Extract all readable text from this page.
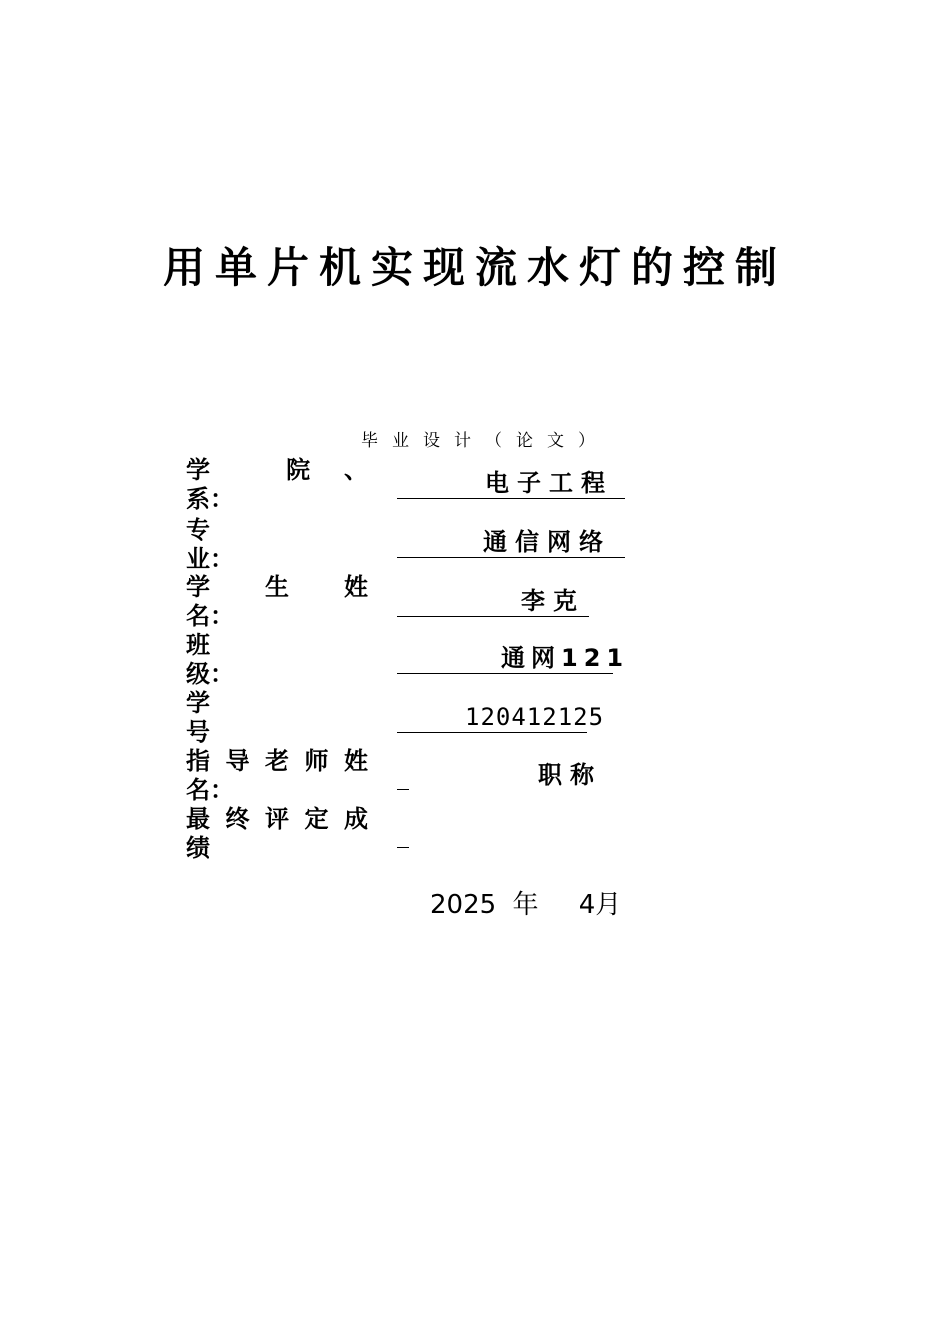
用单片机实现流水灯的控制
毕业设计（论文）
学 院、
系：
电子工程
专
业：
通信网络
学 生 姓
名：
李克
班
级：
通网121
学
号
120412125
指导老师姓
名：
职称
最终评定成
绩
2025 年 4月
